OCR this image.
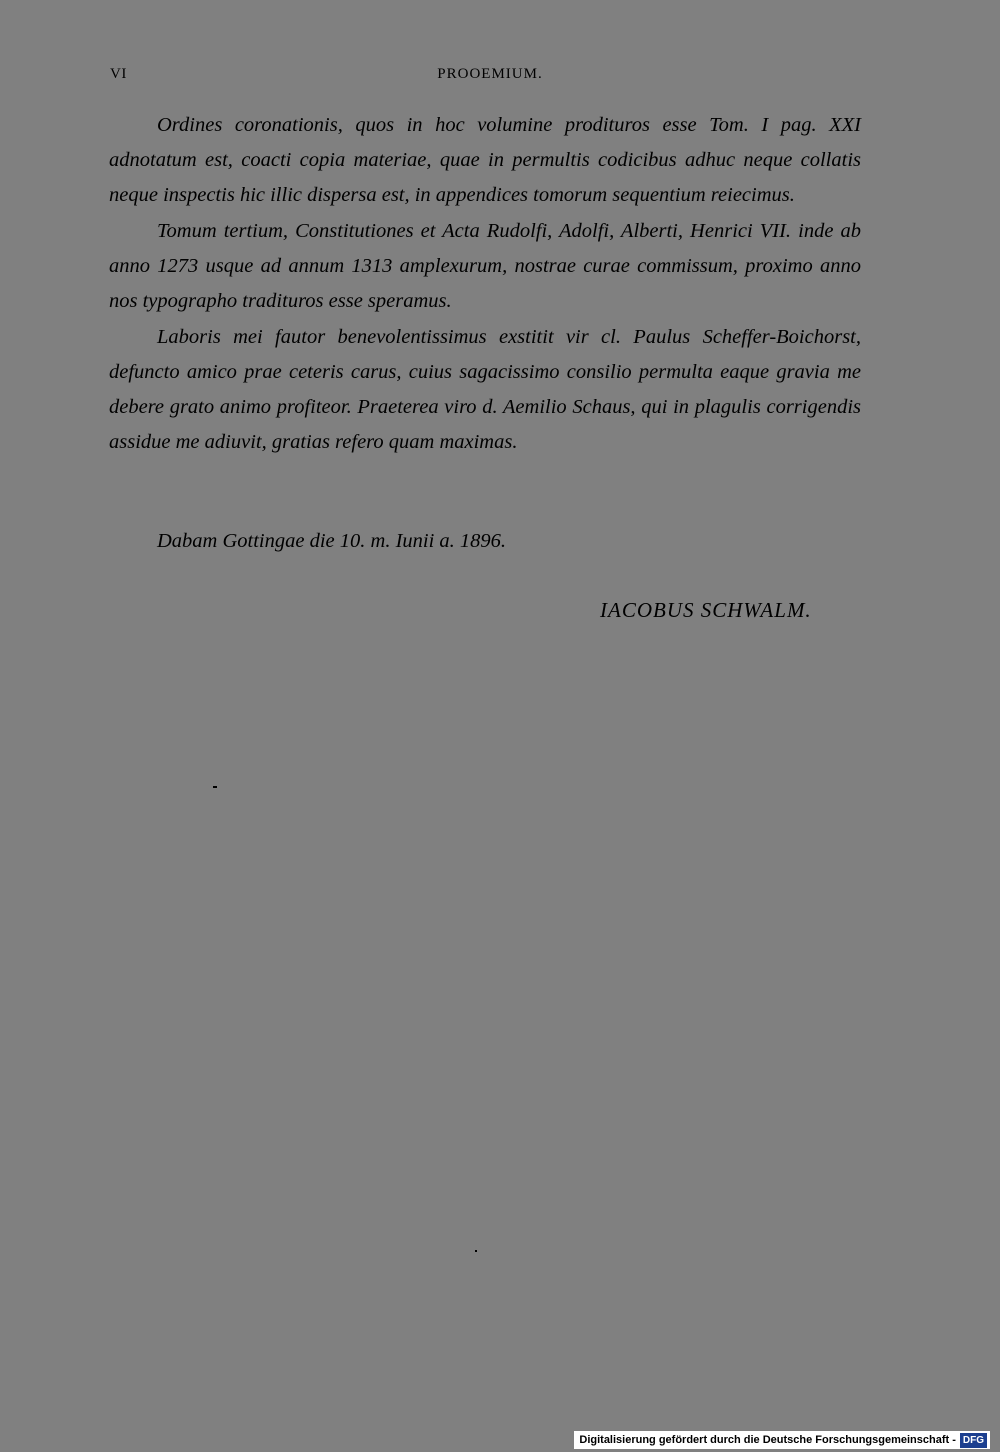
VI	PROOEMIUM.

Ordines coronationis, quos in hoc volumine prodituros esse Tom. I pag. XXI adnotatum est, coacti copia materiae, quae in permultis codicibus adhuc neque collatis neque inspectis hic illic dispersa est, in appendices tomorum sequentium reiecimus.

Tomum tertium, Constitutiones et Acta Rudolfi, Adolfi, Alberti, Henrici VII. inde ab anno 1273 usque ad annum 1313 amplexurum, nostrae curae commissum, proximo anno nos typographo tradituros esse speramus.

Laboris mei fautor benevolentissimus exstitit vir cl. Paulus Scheffer-Boichorst, defuncto amico prae ceteris carus, cuius sagacissimo consilio permulta eaque gravia me debere grato animo profiteor. Praeterea viro d. Aemilio Schaus, qui in plagulis corrigendis assidue me adiuvit, gratias refero quam maximas.

Dabam Gottingae die 10. m. Iunii a. 1896.
IACOBUS SCHWALM.
Digitalisierung gefördert durch die Deutsche Forschungsgemeinschaft - DFG
